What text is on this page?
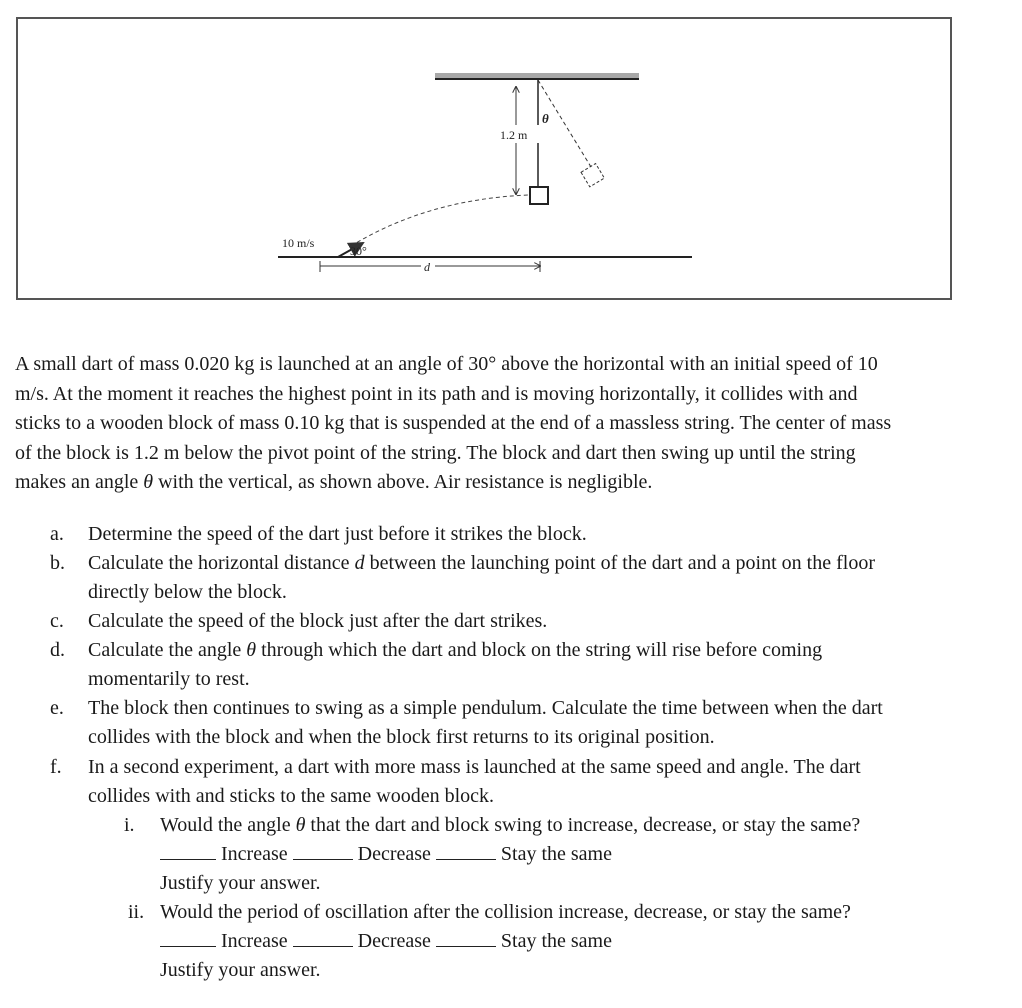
1.2 m
θ
10 m/s
30°
d

A small dart of mass 0.020 kg is launched at an angle of 30° above the horizontal with an initial speed of 10
m/s. At the moment it reaches the highest point in its path and is moving horizontally, it collides with and
sticks to a wooden block of mass 0.10 kg that is suspended at the end of a massless string. The center of mass
of the block is 1.2 m below the pivot point of the string. The block and dart then swing up until the string
makes an angle θ with the vertical, as shown above. Air resistance is negligible.

a. Determine the speed of the dart just before it strikes the block.
b. Calculate the horizontal distance d between the launching point of the dart and a point on the floor
directly below the block.
c. Calculate the speed of the block just after the dart strikes.
d. Calculate the angle θ through which the dart and block on the string will rise before coming
momentarily to rest.
e. The block then continues to swing as a simple pendulum. Calculate the time between when the dart
collides with the block and when the block first returns to its original position.
f. In a second experiment, a dart with more mass is launched at the same speed and angle. The dart
collides with and sticks to the same wooden block.
i. Would the angle θ that the dart and block swing to increase, decrease, or stay the same?
Increase	Decrease	Stay the same
Justify your answer.
ii. Would the period of oscillation after the collision increase, decrease, or stay the same?
Increase	Decrease	Stay the same
Justify your answer.
